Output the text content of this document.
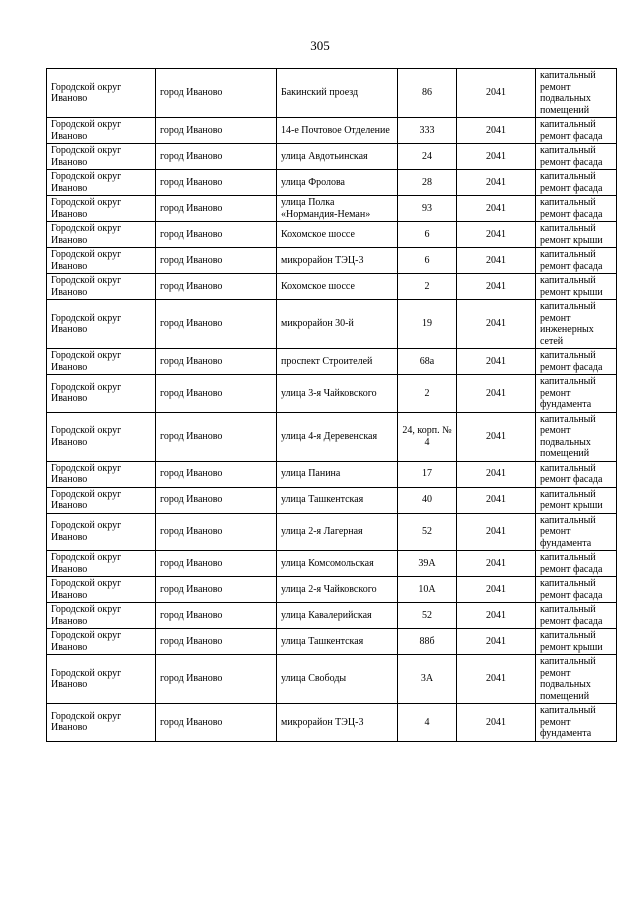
305
Городской округ Иваново	город Иваново	Бакинский проезд	86	2041	капитальный ремонт подвальных помещений
Городской округ Иваново	город Иваново	14-е Почтовое Отделение	333	2041	капитальный ремонт фасада
Городской округ Иваново	город Иваново	улица Авдотьинская	24	2041	капитальный ремонт фасада
Городской округ Иваново	город Иваново	улица Фролова	28	2041	капитальный ремонт фасада
Городской округ Иваново	город Иваново	улица Полка «Нормандия-Неман»	93	2041	капитальный ремонт фасада
Городской округ Иваново	город Иваново	Кохомское шоссе	6	2041	капитальный ремонт крыши
Городской округ Иваново	город Иваново	микрорайон ТЭЦ-3	6	2041	капитальный ремонт фасада
Городской округ Иваново	город Иваново	Кохомское шоссе	2	2041	капитальный ремонт крыши
Городской округ Иваново	город Иваново	микрорайон 30-й	19	2041	капитальный ремонт инженерных сетей
Городской округ Иваново	город Иваново	проспект Строителей	68а	2041	капитальный ремонт фасада
Городской округ Иваново	город Иваново	улица 3-я Чайковского	2	2041	капитальный ремонт фундамента
Городской округ Иваново	город Иваново	улица 4-я Деревенская	24, корп. № 4	2041	капитальный ремонт подвальных помещений
Городской округ Иваново	город Иваново	улица Панина	17	2041	капитальный ремонт фасада
Городской округ Иваново	город Иваново	улица Ташкентская	40	2041	капитальный ремонт крыши
Городской округ Иваново	город Иваново	улица 2-я Лагерная	52	2041	капитальный ремонт фундамента
Городской округ Иваново	город Иваново	улица Комсомольская	39А	2041	капитальный ремонт фасада
Городской округ Иваново	город Иваново	улица 2-я Чайковского	10А	2041	капитальный ремонт фасада
Городской округ Иваново	город Иваново	улица Кавалерийская	52	2041	капитальный ремонт фасада
Городской округ Иваново	город Иваново	улица Ташкентская	88б	2041	капитальный ремонт крыши
Городской округ Иваново	город Иваново	улица Свободы	3А	2041	капитальный ремонт подвальных помещений
Городской округ Иваново	город Иваново	микрорайон ТЭЦ-3	4	2041	капитальный ремонт фундамента
